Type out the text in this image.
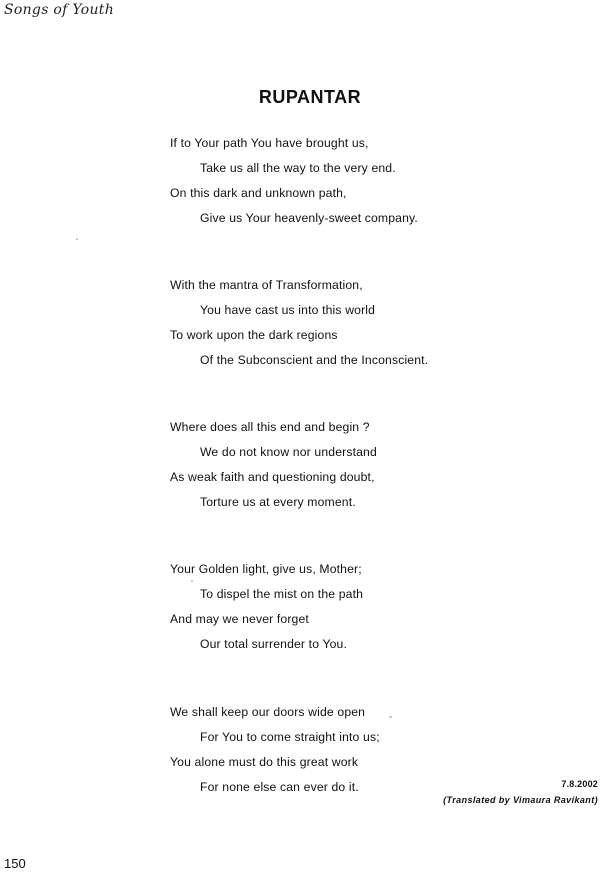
Songs of Youth
RUPANTAR
If to Your path You have brought us,
Take us all the way to the very end.
On this dark and unknown path,
Give us Your heavenly-sweet company.
With the mantra of Transformation,
You have cast us into this world
To work upon the dark regions
Of the Subconscient and the Inconscient.
Where does all this end and begin ?
We do not know nor understand
As weak faith and questioning doubt,
Torture us at every moment.
Your Golden light, give us, Mother;
To dispel the mist on the path
And may we never forget
Our total surrender to You.
We shall keep our doors wide open
For You to come straight into us;
You alone must do this great work
For none else can ever do it.	7.8.2002
(Translated by Vimaura Ravikant)
150
